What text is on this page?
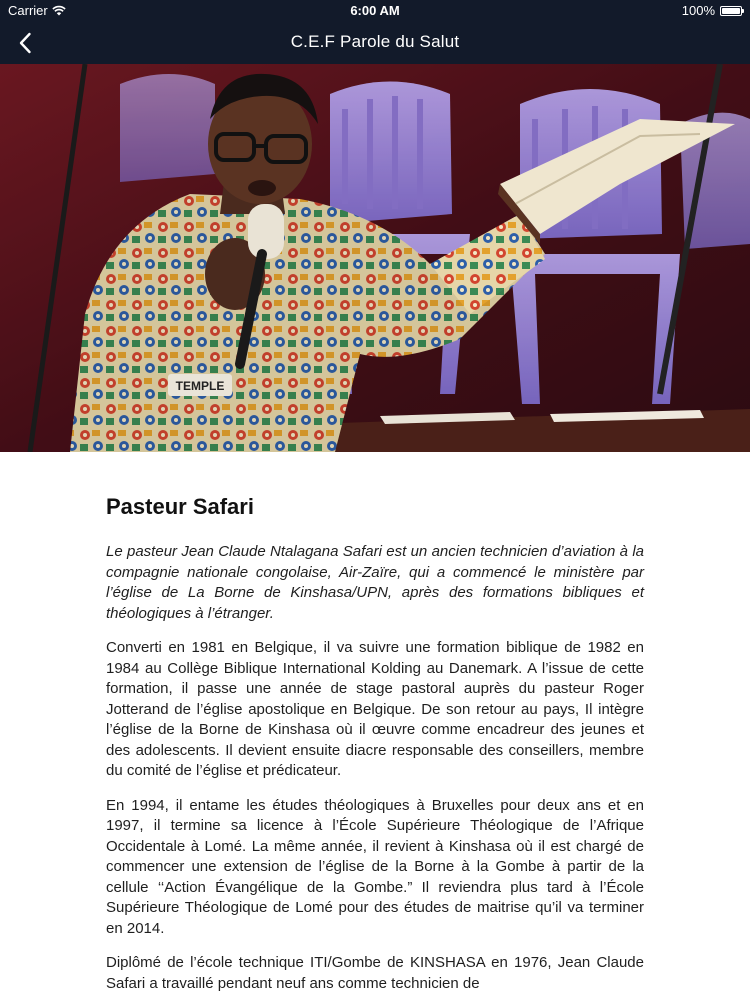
Carrier	6:00 AM	100%
C.E.F Parole du Salut
TEMPLE
Pasteur Safari

Le pasteur Jean Claude Ntalagana Safari est un ancien technicien d’aviation à la compagnie nationale congolaise, Air-Zaïre, qui a commencé le ministère par l’église de La Borne de Kinshasa/UPN, après des formations bibliques et théologiques à l’étranger.

Converti en 1981 en Belgique, il va suivre une formation biblique de 1982 en 1984 au Collège Biblique International Kolding au Danemark. A l’issue de cette formation, il passe une année de stage pastoral auprès du pasteur Roger Jotterand de l’église apostolique en Belgique. De son retour au pays, Il intègre l’église de la Borne de Kinshasa où il œuvre comme encadreur des jeunes et des adolescents. Il devient ensuite diacre responsable des conseillers, membre du comité de l’église et prédicateur.

En 1994, il entame les études théologiques à Bruxelles pour deux ans et en 1997, il termine sa licence à l’École Supérieure Théologique de l’Afrique Occidentale à Lomé. La même année, il revient à Kinshasa où il est chargé de commencer une extension de l’église de la Borne à la Gombe à partir de la cellule ‘‘Action Évangélique de la Gombe.” Il reviendra plus tard à l’École Supérieure Théologique de Lomé pour des études de maitrise qu’il va terminer en 2014.

Diplômé de l’école technique ITI/Gombe de KINSHASA en 1976, Jean Claude Safari a travaillé pendant neuf ans comme technicien de
